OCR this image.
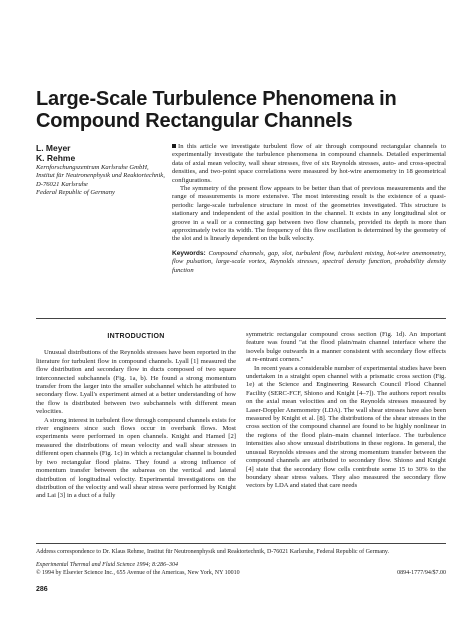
Large-Scale Turbulence Phenomena in
Compound Rectangular Channels
L. Meyer
K. Rehme
Kernforschungszentrum Karlsruhe GmbH,
Institut für Neutronenphysik und Reaktortechnik,
D-76021 Karlsruhe
Federal Republic of Germany

In this article we investigate turbulent flow of air through compound rectangular channels to experimentally investigate the turbulence phenomena in compound channels. Detailed experimental data of axial mean velocity, wall shear stresses, five of six Reynolds stresses, auto- and cross-spectral densities, and two-point space correlations were measured by hot-wire anemometry in 18 geometrical configurations.

The symmetry of the present flow appears to be better than that of previous measurements and the range of measurements is more extensive. The most interesting result is the existence of a quasi-periodic large-scale turbulence structure in most of the geometries investigated. This structure is stationary and independent of the axial position in the channel. It exists in any longitudinal slot or groove in a wall or a connecting gap between two flow channels, provided its depth is more than approximately twice its width. The frequency of this flow oscillation is determined by the geometry of the slot and is linearly dependent on the bulk velocity.

Keywords: Compound channels, gap, slot, turbulent flow, turbulent mixing, hot-wire anemometry, flow pulsation, large-scale vortex, Reynolds stresses, spectral density function, probability density function
INTRODUCTION

Unusual distributions of the Reynolds stresses have been reported in the literature for turbulent flow in compound channels. Lyall [1] measured the flow distribution and secondary flow in ducts composed of two square interconnected subchannels (Fig. 1a, b). He found a strong momentum transfer from the larger into the smaller subchannel which he attributed to secondary flow. Lyall's experiment aimed at a better understanding of how the flow is distributed between two subchannels with different mean velocities.

A strong interest in turbulent flow through compound channels exists for river engineers since such flows occur in overbank flows. Most experiments were performed in open channels. Knight and Hamed [2] measured the distributions of mean velocity and wall shear stresses in different open channels (Fig. 1c) in which a rectangular channel is bounded by two rectangular flood plains. They found a strong influence of momentum transfer between the subareas on the vertical and lateral distribution of longitudinal velocity. Experimental investigations on the distribution of the velocity and wall shear stress were performed by Knight and Lai [3] in a duct of a fully

symmetric rectangular compound cross section (Fig. 1d). An important feature was found "at the flood plain/main channel interface where the isovels bulge outwards in a manner consistent with secondary flow effects at re-entrant corners."

In recent years a considerable number of experimental studies have been undertaken in a straight open channel with a prismatic cross section (Fig. 1e) at the Science and Engineering Research Council Flood Channel Facility (SERC-FCF, Shiono and Knight [4–7]). The authors report results on the axial mean velocities and on the Reynolds stresses measured by Laser-Doppler Anemometry (LDA). The wall shear stresses have also been measured by Knight et al. [8]. The distributions of the shear stresses in the cross section of the compound channel are found to be highly nonlinear in the regions of the flood plain–main channel interface. The turbulence intensities also show unusual distributions in these regions. In general, the unusual Reynolds stresses and the strong momentum transfer between the compound channels are attributed to secondary flow. Shiono and Knight [4] state that the secondary flow cells contribute some 15 to 30% to the boundary shear stress values. They also measured the secondary flow vectors by LDA and stated that care needs

Address correspondence to Dr. Klaus Rehme, Institut für Neutronenphysik und Reaktortechnik, D-76021 Karlsruhe, Federal Republic of Germany.
Experimental Thermal and Fluid Science 1994; 8:286–304
© 1994 by Elsevier Science Inc., 655 Avenue of the Americas, New York, NY 10010	0894-1777/94/$7.00
286
